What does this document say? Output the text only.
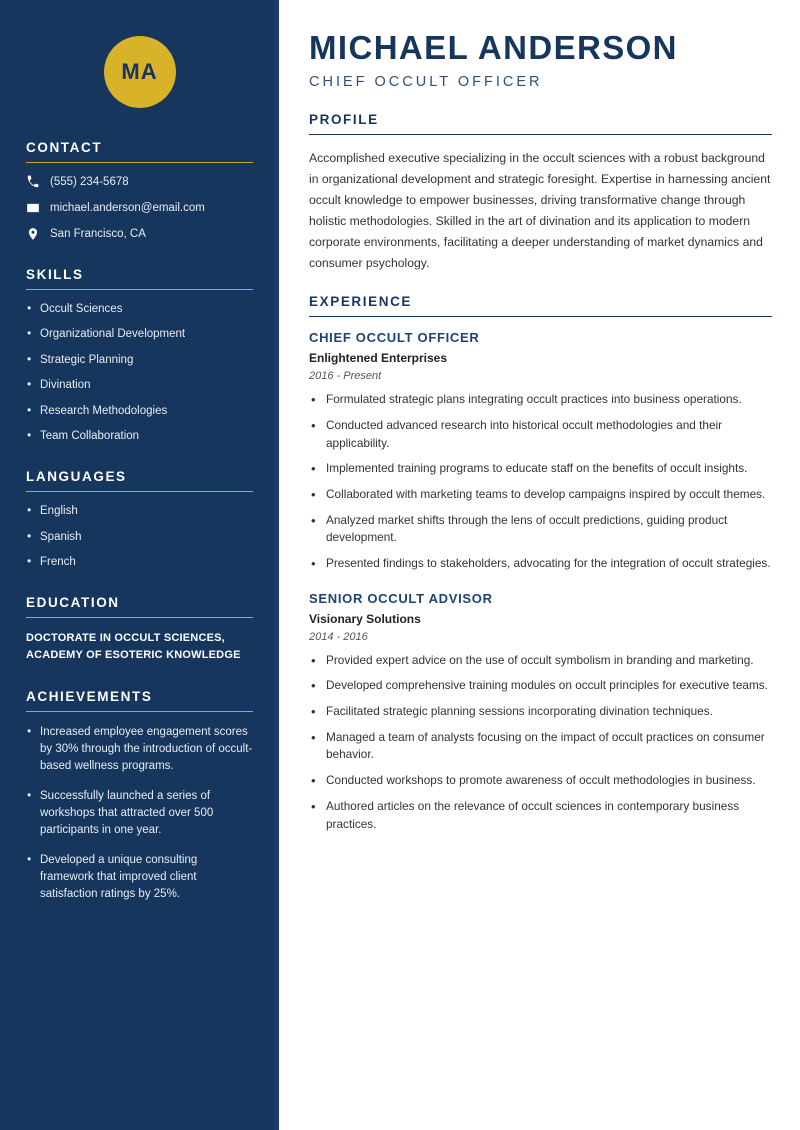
MA
CONTACT
(555) 234-5678
michael.anderson@email.com
San Francisco, CA
SKILLS
• Occult Sciences
• Organizational Development
• Strategic Planning
• Divination
• Research Methodologies
• Team Collaboration
LANGUAGES
• English
• Spanish
• French
EDUCATION
DOCTORATE IN OCCULT SCIENCES, ACADEMY OF ESOTERIC KNOWLEDGE
ACHIEVEMENTS
• Increased employee engagement scores by 30% through the introduction of occult-based wellness programs.
• Successfully launched a series of workshops that attracted over 500 participants in one year.
• Developed a unique consulting framework that improved client satisfaction ratings by 25%.
MICHAEL ANDERSON
CHIEF OCCULT OFFICER
PROFILE

Accomplished executive specializing in the occult sciences with a robust background in organizational development and strategic foresight. Expertise in harnessing ancient occult knowledge to empower businesses, driving transformative change through holistic methodologies. Skilled in the art of divination and its application to modern corporate environments, facilitating a deeper understanding of market dynamics and consumer psychology.

EXPERIENCE
CHIEF OCCULT OFFICER
Enlightened Enterprises
2016 - Present
• Formulated strategic plans integrating occult practices into business operations.
• Conducted advanced research into historical occult methodologies and their applicability.
• Implemented training programs to educate staff on the benefits of occult insights.
• Collaborated with marketing teams to develop campaigns inspired by occult themes.
• Analyzed market shifts through the lens of occult predictions, guiding product development.
• Presented findings to stakeholders, advocating for the integration of occult strategies.
SENIOR OCCULT ADVISOR
Visionary Solutions
2014 - 2016
• Provided expert advice on the use of occult symbolism in branding and marketing.
• Developed comprehensive training modules on occult principles for executive teams.
• Facilitated strategic planning sessions incorporating divination techniques.
• Managed a team of analysts focusing on the impact of occult practices on consumer behavior.
• Conducted workshops to promote awareness of occult methodologies in business.
• Authored articles on the relevance of occult sciences in contemporary business practices.
